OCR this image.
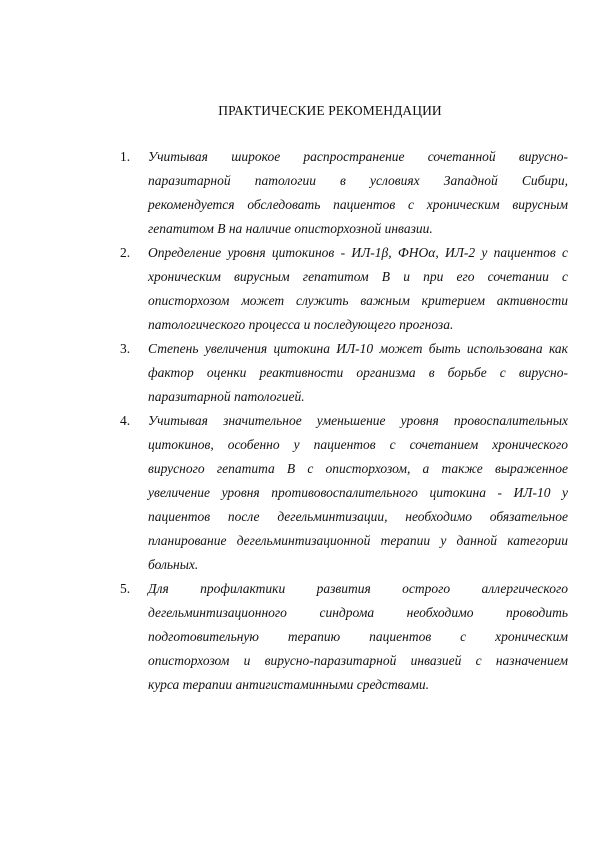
ПРАКТИЧЕСКИЕ РЕКОМЕНДАЦИИ
1. Учитывая широкое распространение сочетанной вирусно-
паразитарной патологии в условиях Западной Сибири,
рекомендуется обследовать пациентов с хроническим вирусным
гепатитом В на наличие описторхозной инвазии.
2. Определение уровня цитокинов - ИЛ-1β, ФНОα, ИЛ-2 у пациентов с
хроническим вирусным гепатитом В и при его сочетании с
описторхозом может служить важным критерием активности
патологического процесса и последующего прогноза.
3. Степень увеличения цитокина ИЛ-10 может быть использована как
фактор оценки реактивности организма в борьбе с вирусно-
паразитарной патологией.
4. Учитывая значительное уменьшение уровня провоспалительных
цитокинов, особенно у пациентов с сочетанием хронического
вирусного гепатита В с описторхозом, а также выраженное
увеличение уровня противовоспалительного цитокина - ИЛ-10 у
пациентов после дегельминтизации, необходимо обязательное
планирование дегельминтизационной терапии у данной категории
больных.
5. Для профилактики развития острого аллергического
дегельминтизационного синдрома необходимо проводить
подготовительную терапию пациентов с хроническим
описторхозом и вирусно-паразитарной инвазией с назначением
курса терапии антигистаминными средствами.
